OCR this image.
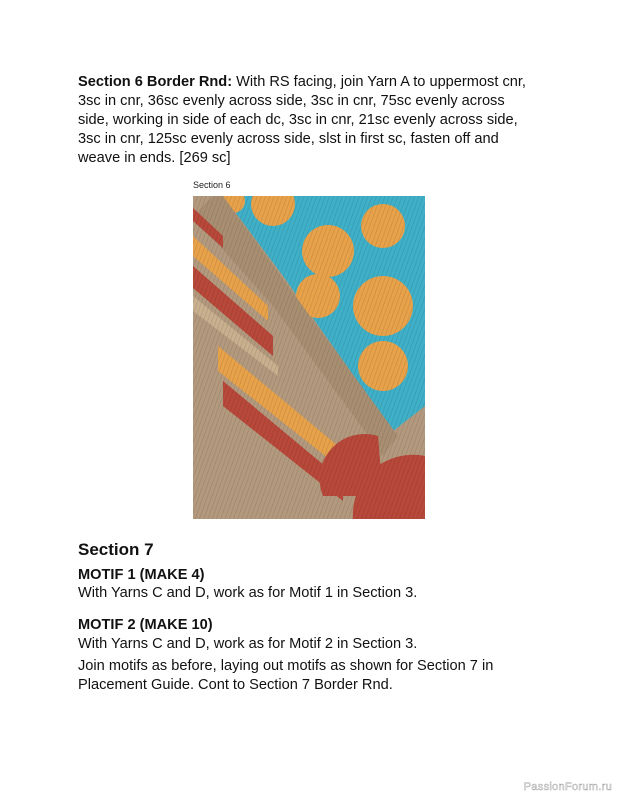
Section 6 Border Rnd: With RS facing, join Yarn A to uppermost cnr, 3sc in cnr, 36sc evenly across side, 3sc in cnr, 75sc evenly across side, working in side of each dc, 3sc in cnr, 21sc evenly across side, 3sc in cnr, 125sc evenly across side, slst in first sc, fasten off and weave in ends. [269 sc]

Section 6
Section 7

MOTIF 1 (MAKE 4)

With Yarns C and D, work as for Motif 1 in Section 3.

MOTIF 2 (MAKE 10)

With Yarns C and D, work as for Motif 2 in Section 3.

Join motifs as before, laying out motifs as shown for Section 7 in Placement Guide. Cont to Section 7 Border Rnd.

PassionForum.ru
